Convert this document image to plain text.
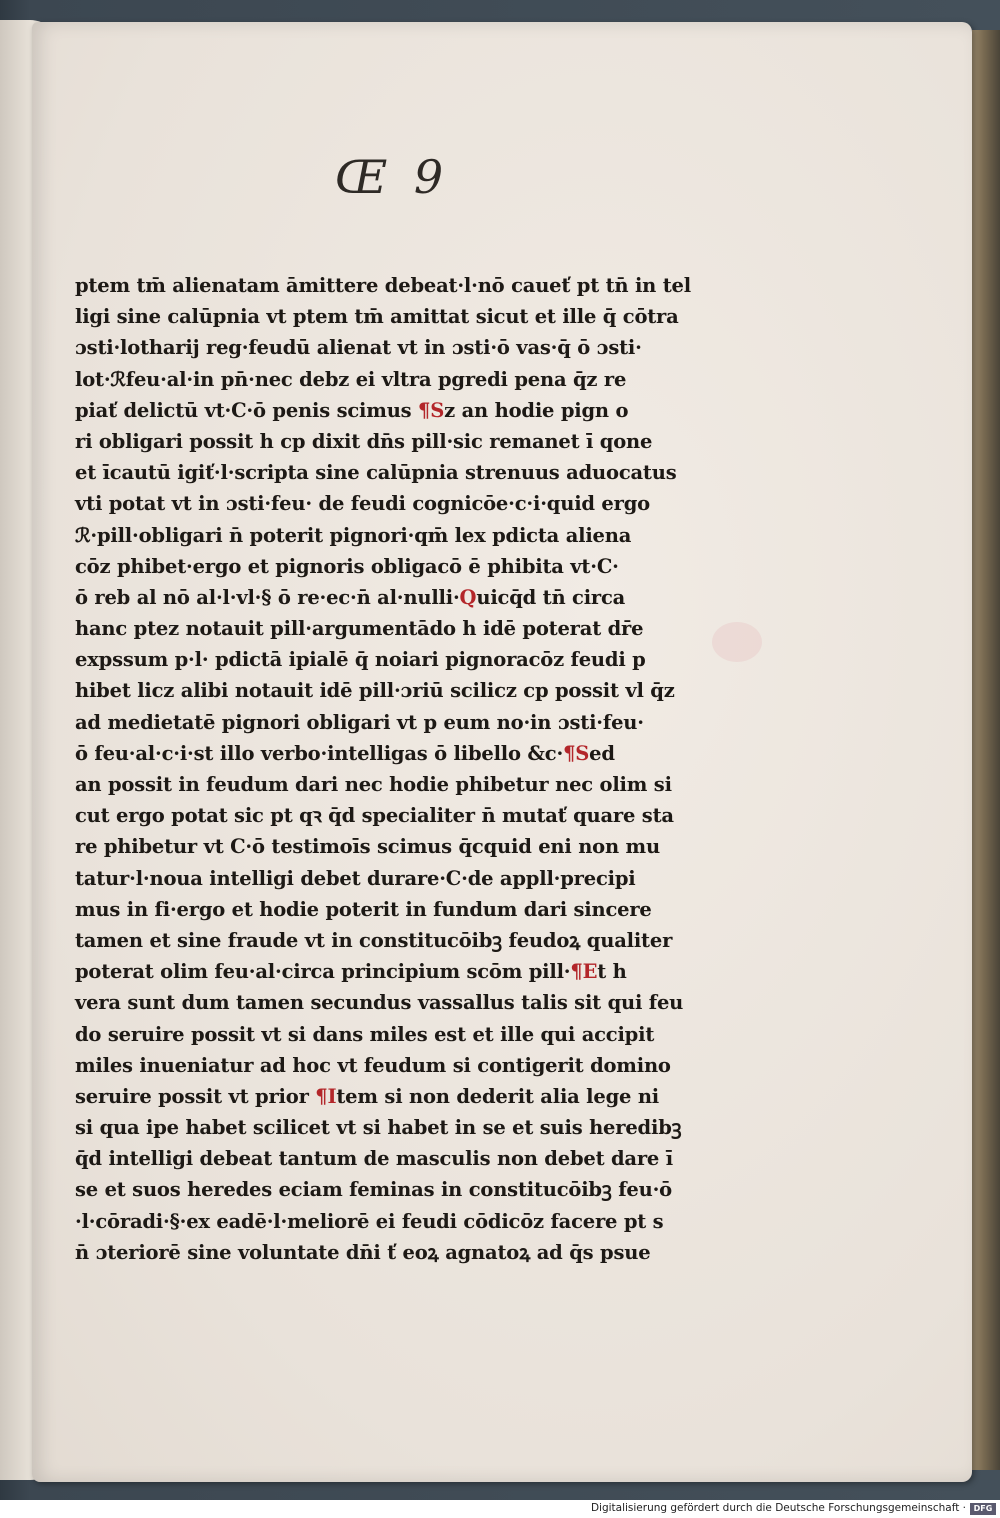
Œ 9
ptem tm̄ alienatam āmittere debeat·l·nō caueť pt tn̄ in tel
ligi sine calūpnia vt ptem tm̄ amittat sicut et ille q̄ cōtra
ɔsti·lotharij reg·feudū alienat vt in ɔsti·ō vas·q̄ ō ɔsti·
lot·ℛfeu·al·in pn̄·nec debz ei vltra pgredi pena q̄z re
piať delictū vt·C·ō penis scimus ¶Sz an hodie pign o
ri obligari possit h cp dixit dn̄s pill·sic remanet ī qone
et īcautū igiť·l·scripta sine calūpnia strenuus aduocatus
vti potat vt in ɔsti·feu· de feudi cognicōe·c·i·quid ergo
ℛ·pill·obligari n̄ poterit pignori·qm̄ lex pdicta aliena
cōz phibet·ergo et pignoris obligacō ē phibita vt·C·
ō reb al nō al·l·vl·§ ō re·ec·n̄ al·nulli·Quicq̄d tn̄ circa
hanc ptez notauit pill·argumentādo h idē poterat dr̄e
expssum p·l· pdictā ipialē q̄ noiari pignoracōz feudi p
hibet licz alibi notauit idē pill·ɔriū scilicz cp possit vl q̄z
ad medietatē pignori obligari vt p eum no·in ɔsti·feu·
ō feu·al·c·i·st illo verbo·intelligas ō libello &c·¶Sed
an possit in feudum dari nec hodie phibetur nec olim si
cut ergo potat sic pt qꝛ q̄d specialiter n̄ mutať quare sta
re phibetur vt C·ō testimoīs scimus q̄cquid eni non mu
tatur·l·noua intelligi debet durare·C·de appll·precipi
mus in fi·ergo et hodie poterit in fundum dari sincere
tamen et sine fraude vt in constitucōibꝫ feudoꝝ qualiter
poterat olim feu·al·circa principium scōm pill·¶Et h
vera sunt dum tamen secundus vassallus talis sit qui feu
do seruire possit vt si dans miles est et ille qui accipit
miles inueniatur ad hoc vt feudum si contigerit domino
seruire possit vt prior ¶Item si non dederit alia lege ni
si qua ipe habet scilicet vt si habet in se et suis heredibꝫ
q̄d intelligi debeat tantum de masculis non debet dare ī
se et suos heredes eciam feminas in constitucōibꝫ feu·ō
·l·cōradi·§·ex eadē·l·meliorē ei feudi cōdicōz facere pt s
n̄ ɔteriorē sine voluntate dn̄i ť eoꝝ agnatoꝝ ad q̄s psue
Digitalisierung gefördert durch die Deutsche Forschungsgemeinschaft · DFG
